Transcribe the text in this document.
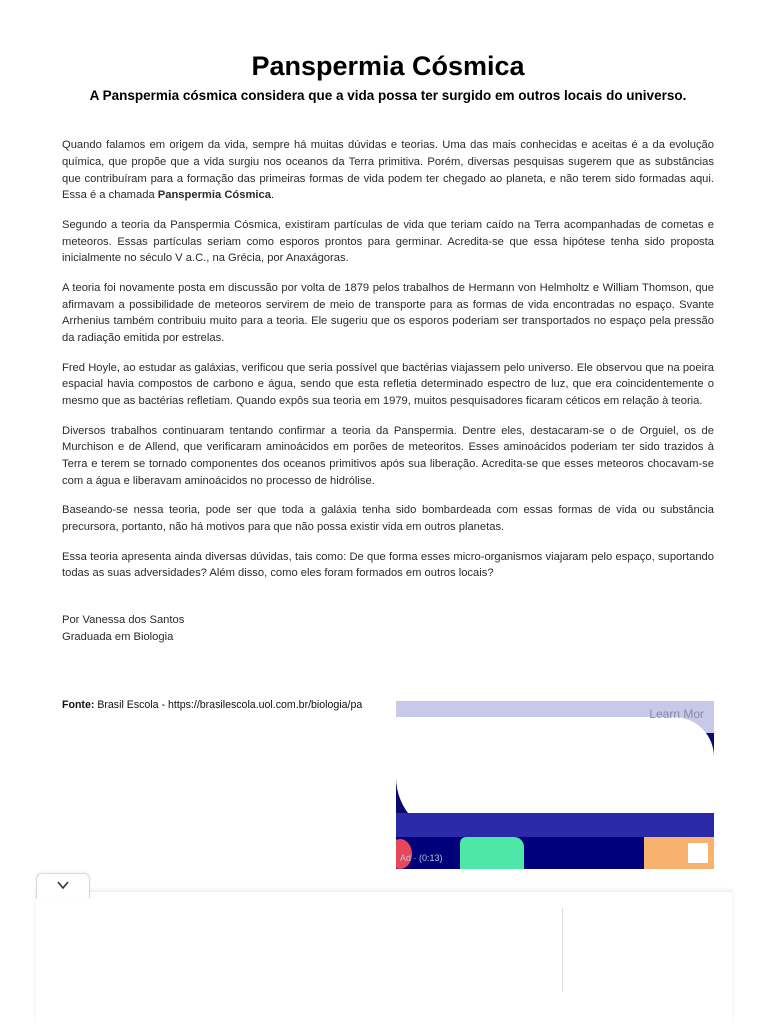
Panspermia Cósmica

A Panspermia cósmica considera que a vida possa ter surgido em outros locais do universo.

Quando falamos em origem da vida, sempre há muitas dúvidas e teorias. Uma das mais conhecidas e aceitas é a da evolução química, que propõe que a vida surgiu nos oceanos da Terra primitiva. Porém, diversas pesquisas sugerem que as substâncias que contribuíram para a formação das primeiras formas de vida podem ter chegado ao planeta, e não terem sido formadas aqui. Essa é a chamada Panspermia Cósmica.

Segundo a teoria da Panspermia Cósmica, existiram partículas de vida que teriam caído na Terra acompanhadas de cometas e meteoros. Essas partículas seriam como esporos prontos para germinar. Acredita-se que essa hipótese tenha sido proposta inicialmente no século V a.C., na Grécia, por Anaxágoras.

A teoria foi novamente posta em discussão por volta de 1879 pelos trabalhos de Hermann von Helmholtz e William Thomson, que afirmavam a possibilidade de meteoros servirem de meio de transporte para as formas de vida encontradas no espaço. Svante Arrhenius também contribuiu muito para a teoria. Ele sugeriu que os esporos poderiam ser transportados no espaço pela pressão da radiação emitida por estrelas.

Fred Hoyle, ao estudar as galáxias, verificou que seria possível que bactérias viajassem pelo universo. Ele observou que na poeira espacial havia compostos de carbono e água, sendo que esta refletia determinado espectro de luz, que era coincidentemente o mesmo que as bactérias refletiam. Quando expôs sua teoria em 1979, muitos pesquisadores ficaram céticos em relação à teoria.

Diversos trabalhos continuaram tentando confirmar a teoria da Panspermia. Dentre eles, destacaram-se o de Orguiel, os de Murchison e de Allend, que verificaram aminoácidos em porões de meteoritos. Esses aminoácidos poderiam ter sido trazidos à Terra e terem se tornado componentes dos oceanos primitivos após sua liberação. Acredita-se que esses meteoros chocavam-se com a água e liberavam aminoácidos no processo de hidrólise.

Baseando-se nessa teoria, pode ser que toda a galáxia tenha sido bombardeada com essas formas de vida ou substância precursora, portanto, não há motivos para que não possa existir vida em outros planetas.

Essa teoria apresenta ainda diversas dúvidas, tais como: De que forma esses micro-organismos viajaram pelo espaço, suportando todas as suas adversidades? Além disso, como eles foram formados em outros locais?

Por Vanessa dos Santos
Graduada em Biologia
Fonte: Brasil Escola - https://brasilescola.uol.com.br/biologia/pa
Learn Mor
Ad · (0:13)
